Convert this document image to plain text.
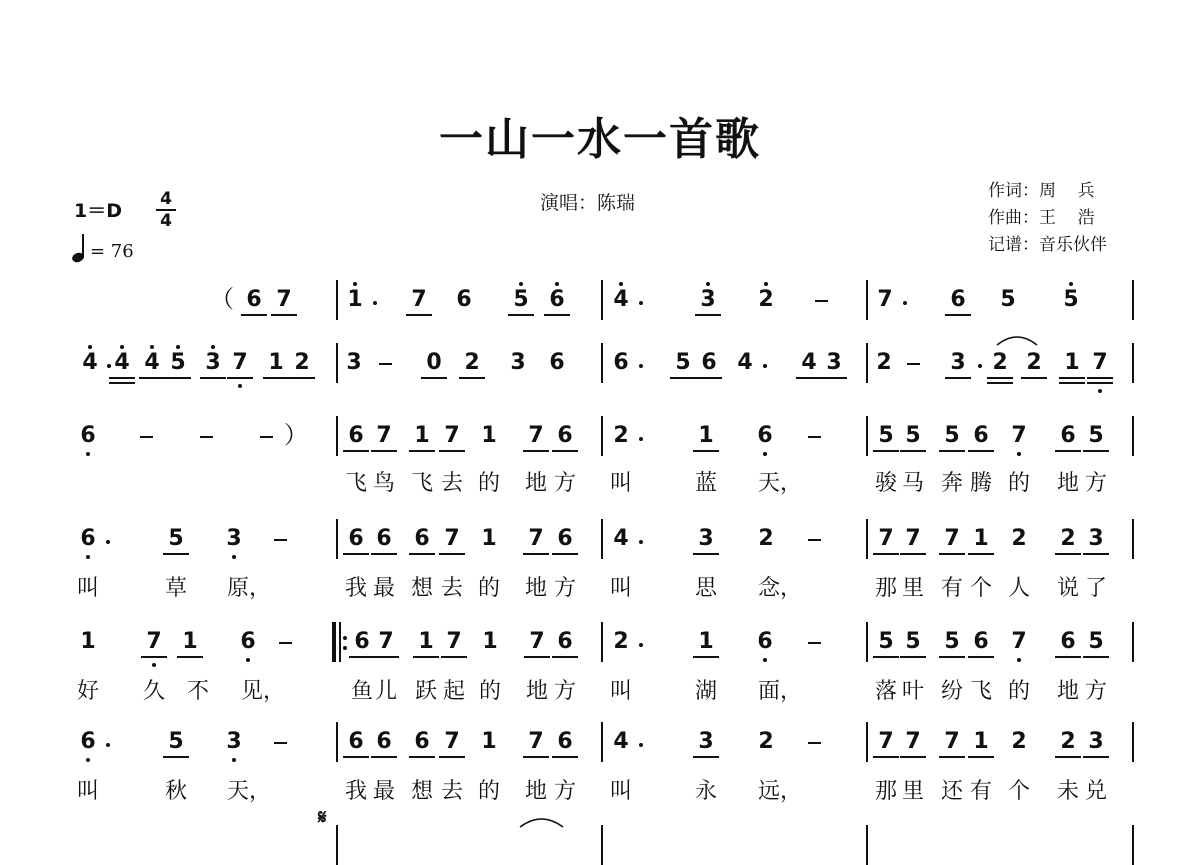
一山一水一首歌
演唱：陈瑞
作词：周    兵
作曲：王    浩
记谱：音乐伙伴
1＝D
4
4
= 76
（ 6 7	1 7 6 5 6 4	3 2	7	6 5 5
4 4 4 5 3 7 1 2 3	0 2 3 6 6 5 6 4 4 3 2	3 2 2 1 7
6	） 6 7 1 7 1 7 6 2	1 6	5 5 5 6 7 6 5
飞 鸟 飞 去 的 地 方 叫	蓝 天，	骏 马 奔 腾 的 地 方
6	5 3	6 6 6 7 1 7 6 4	3 2	7 7 7 1 2 2 3
叫	草 原，	我 最 想 去 的 地 方 叫	思 念，	那 里 有 个 人 说 了
1 7 1 6	6 7 1 7 1 7 6 2	1 6	5 5 5 6 7 6 5
好 久 不 见，	鱼 儿 跃 起 的 地 方 叫	湖 面，	落 叶 纷 飞 的 地 方
6	5 3	6 6 6 7 1 7 6 4	3 2	7 7 7 1 2 2 3
叫	秋 天，	我 最 想 去 的 地 方 叫	永 远，	那 里 还 有 个 未 兑
𝄋
